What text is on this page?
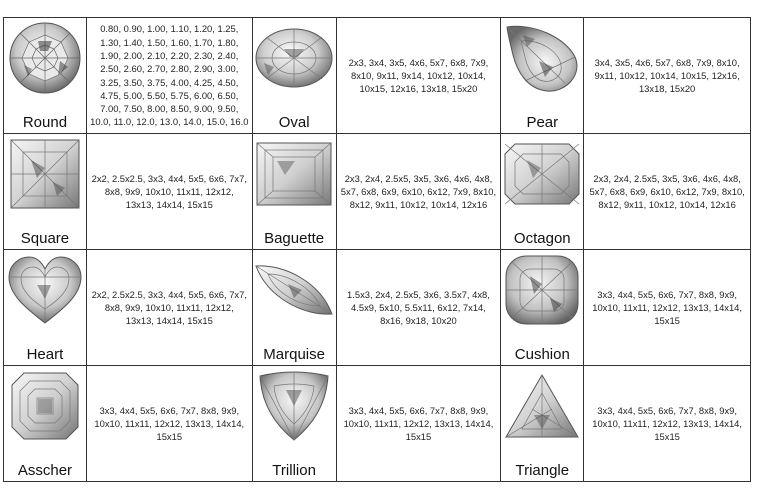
Round
0.80, 0.90, 1.00, 1.10, 1.20, 1.25, 1.30, 1.40, 1.50, 1.60, 1.70, 1.80, 1.90, 2.00, 2.10, 2.20, 2.30, 2.40, 2.50, 2.60, 2.70, 2.80, 2.90, 3.00, 3.25, 3.50, 3.75, 4.00, 4.25, 4.50, 4.75, 5.00, 5.50, 5.75, 6.00, 6.50, 7.00, 7.50, 8.00, 8.50, 9.00, 9.50, 10.0, 11.0, 12.0, 13.0, 14.0, 15.0, 16.0	Oval
2x3, 3x4, 3x5, 4x6, 5x7, 6x8, 7x9, 8x10, 9x11, 9x14, 10x12, 10x14, 10x15, 12x16, 13x18, 15x20
Pear
3x4, 3x5, 4x6, 5x7, 6x8, 7x9, 8x10, 9x11, 10x12, 10x14, 10x15, 12x16, 13x18, 15x20
Square
2x2, 2.5x2.5, 3x3, 4x4, 5x5, 6x6, 7x7, 8x8, 9x9, 10x10, 11x11, 12x12, 13x13, 14x14, 15x15
Baguette
2x3, 2x4, 2.5x5, 3x5, 3x6, 4x6, 4x8, 5x7, 6x8, 6x9, 6x10, 6x12, 7x9, 8x10, 8x12, 9x11, 10x12, 10x14, 12x16
Octagon
2x3, 2x4, 2.5x5, 3x5, 3x6, 4x6, 4x8, 5x7, 6x8, 6x9, 6x10, 6x12, 7x9, 8x10, 8x12, 9x11, 10x12, 10x14, 12x16
Heart
2x2, 2.5x2.5, 3x3, 4x4, 5x5, 6x6, 7x7, 8x8, 9x9, 10x10, 11x11, 12x12, 13x13, 14x14, 15x15
Marquise
1.5x3, 2x4, 2.5x5, 3x6, 3.5x7, 4x8, 4.5x9, 5x10, 5.5x11, 6x12, 7x14, 8x16, 9x18, 10x20
Cushion
3x3, 4x4, 5x5, 6x6, 7x7, 8x8, 9x9, 10x10, 11x11, 12x12, 13x13, 14x14, 15x15
Asscher
3x3, 4x4, 5x5, 6x6, 7x7, 8x8, 9x9, 10x10, 11x11, 12x12, 13x13, 14x14, 15x15
Trillion
3x3, 4x4, 5x5, 6x6, 7x7, 8x8, 9x9, 10x10, 11x11, 12x12, 13x13, 14x14, 15x15
Triangle
3x3, 4x4, 5x5, 6x6, 7x7, 8x8, 9x9, 10x10, 11x11, 12x12, 13x13, 14x14, 15x15
